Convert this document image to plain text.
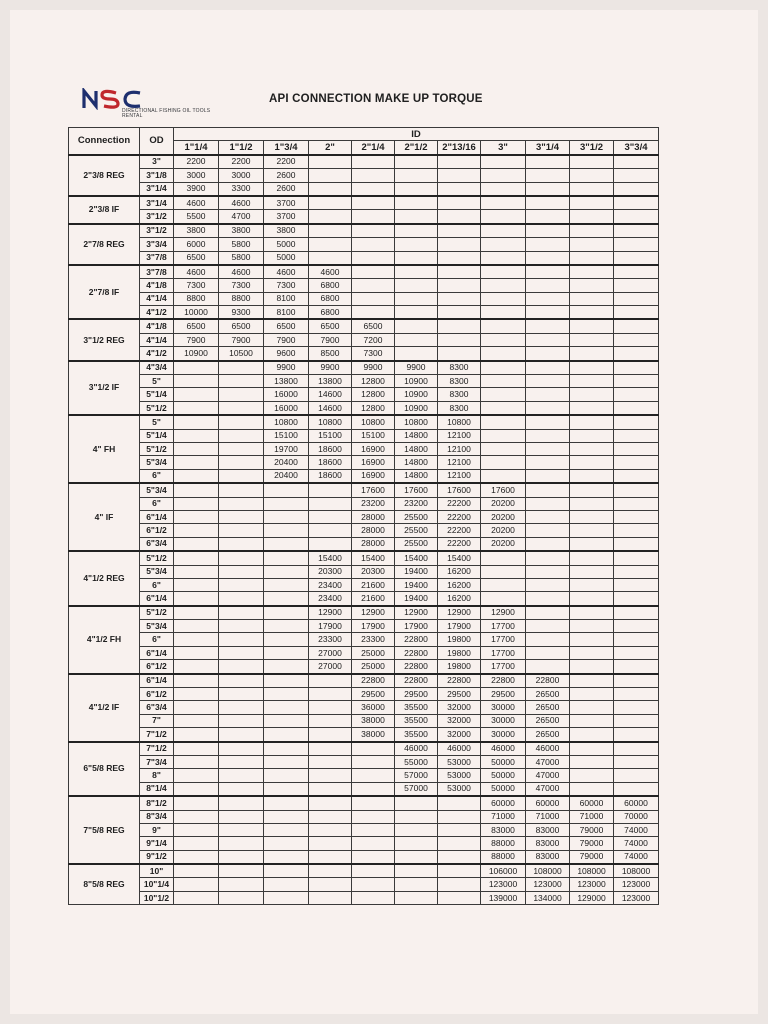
DIRECTIONAL FISHING OIL TOOLS RENTAL
API CONNECTION MAKE UP TORQUE
Connection	OD	ID										
		1"1/4	1"1/2	1"3/4	2"	2"1/4	2"1/2	2"13/16	3"	3"1/4	3"1/2	3"3/4
2"3/8 REG	3"	2200	2200	2200								
	3"1/8	3000	3000	2600								
	3"1/4	3900	3300	2600								
2"3/8 IF	3"1/4	4600	4600	3700								
	3"1/2	5500	4700	3700								
2"7/8 REG	3"1/2	3800	3800	3800								
	3"3/4	6000	5800	5000								
	3"7/8	6500	5800	5000								
2"7/8 IF	3"7/8	4600	4600	4600	4600							
	4"1/8	7300	7300	7300	6800							
	4"1/4	8800	8800	8100	6800							
	4"1/2	10000	9300	8100	6800							
3"1/2 REG	4"1/8	6500	6500	6500	6500	6500						
	4"1/4	7900	7900	7900	7900	7200						
	4"1/2	10900	10500	9600	8500	7300						
3"1/2 IF	4"3/4			9900	9900	9900	9900	8300				
	5"			13800	13800	12800	10900	8300				
	5"1/4			16000	14600	12800	10900	8300				
	5"1/2			16000	14600	12800	10900	8300				
4" FH	5"			10800	10800	10800	10800	10800				
	5"1/4			15100	15100	15100	14800	12100				
	5"1/2			19700	18600	16900	14800	12100				
	5"3/4			20400	18600	16900	14800	12100				
	6"			20400	18600	16900	14800	12100				
4" IF	5"3/4					17600	17600	17600	17600			
	6"					23200	23200	22200	20200			
	6"1/4					28000	25500	22200	20200			
	6"1/2					28000	25500	22200	20200			
	6"3/4					28000	25500	22200	20200			
4"1/2 REG	5"1/2				15400	15400	15400	15400				
	5"3/4				20300	20300	19400	16200				
	6"				23400	21600	19400	16200				
	6"1/4				23400	21600	19400	16200				
4"1/2 FH	5"1/2				12900	12900	12900	12900	12900			
	5"3/4				17900	17900	17900	17900	17700			
	6"				23300	23300	22800	19800	17700			
	6"1/4				27000	25000	22800	19800	17700			
	6"1/2				27000	25000	22800	19800	17700			
4"1/2 IF	6"1/4					22800	22800	22800	22800	22800		
	6"1/2					29500	29500	29500	29500	26500		
	6"3/4					36000	35500	32000	30000	26500		
	7"					38000	35500	32000	30000	26500		
	7"1/2					38000	35500	32000	30000	26500		
6"5/8 REG	7"1/2						46000	46000	46000	46000		
	7"3/4						55000	53000	50000	47000		
	8"						57000	53000	50000	47000		
	8"1/4						57000	53000	50000	47000		
7"5/8 REG	8"1/2								60000	60000	60000	60000
	8"3/4								71000	71000	71000	70000
	9"								83000	83000	79000	74000
	9"1/4								88000	83000	79000	74000
	9"1/2								88000	83000	79000	74000
8"5/8 REG	10"								106000	108000	108000	108000
	10"1/4								123000	123000	123000	123000
	10"1/2								139000	134000	129000	123000
